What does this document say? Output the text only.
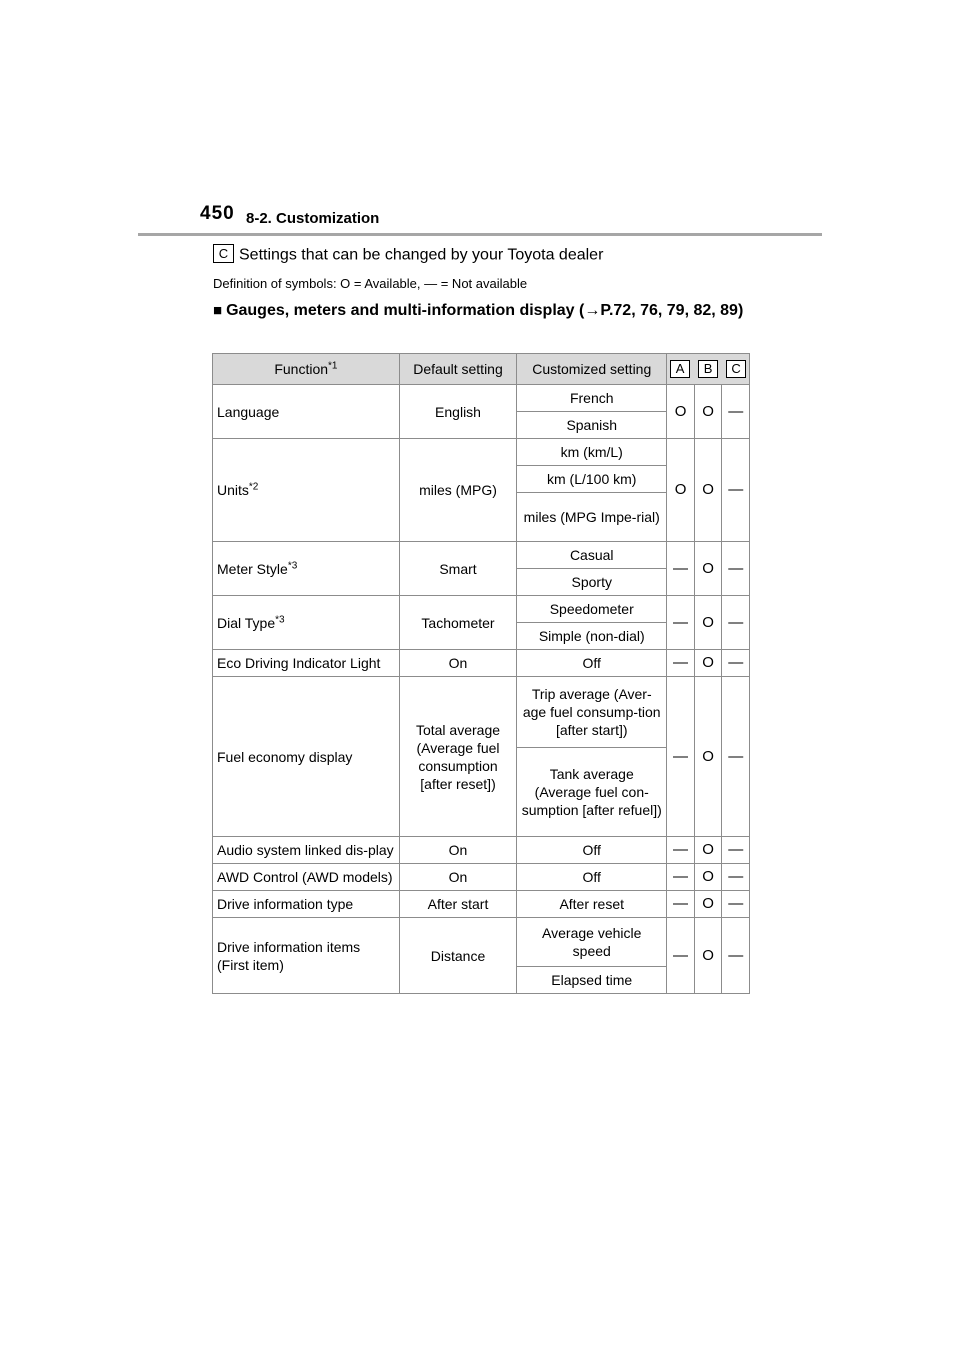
450 8-2. Customization
C Settings that can be changed by your Toyota dealer
Definition of symbols: O = Available, — = Not available
■ Gauges, meters and multi-information display (→P.72, 76, 79, 82, 89)
Function$^{*1}$	Default setting	Customized setting	A B C		

Language	English	French	O	O	—
		Spanish			
Units$^{*2}$	miles (MPG)	km (km/L)	O	O	—
		km (L/100 km)			
		miles (MPG Impe-rial)			
Meter Style$^{*3}$	Smart	Casual	—	O	—
		Sporty			
Dial Type$^{*3}$	Tachometer	Speedometer	—	O	—
		Simple (non-dial)			
Eco Driving Indicator Light	On	Off	—	O	—
Fuel economy display	Total average (Average fuel consumption [after reset])	Trip average (Aver-age fuel consump-tion [after start])	—	O	—
		Tank average (Average fuel con-sumption [after refuel])			
Audio system linked dis-play	On	Off	—	O	—
AWD Control (AWD models)	On	Off	—	O	—
Drive information type	After start	After reset	—	O	—
Drive information items (First item)	Distance	Average vehicle speed	—	O	—
		Elapsed time			
